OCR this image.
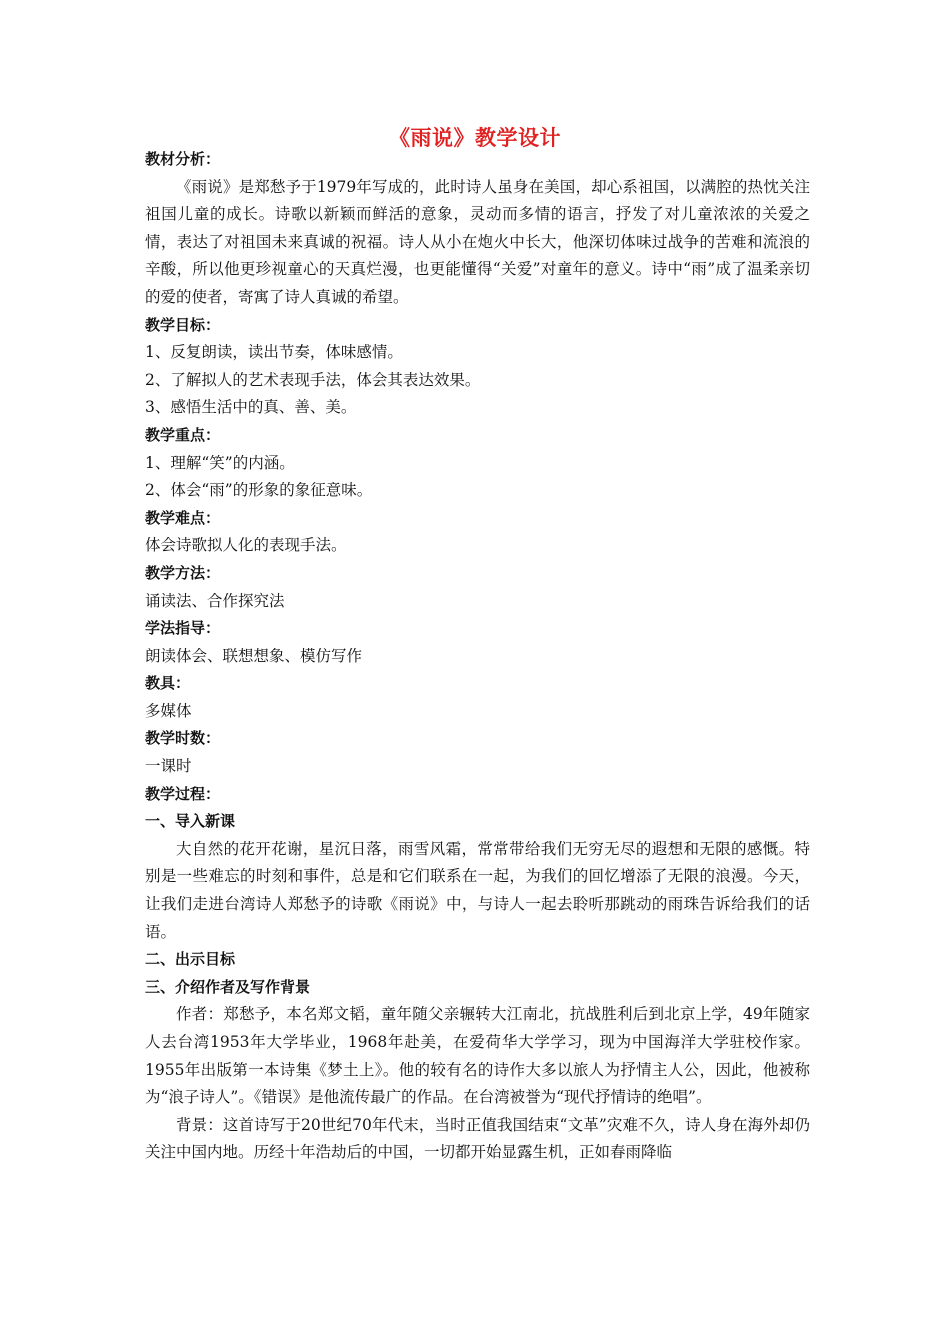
《雨说》教学设计
教材分析：
《雨说》是郑愁予于1979年写成的，此时诗人虽身在美国，却心系祖国，以满腔的热忱关注祖国儿童的成长。诗歌以新颖而鲜活的意象，灵动而多情的语言，抒发了对儿童浓浓的关爱之情，表达了对祖国未来真诚的祝福。诗人从小在炮火中长大，他深切体味过战争的苦难和流浪的辛酸，所以他更珍视童心的天真烂漫，也更能懂得“关爱”对童年的意义。诗中“雨”成了温柔亲切的爱的使者，寄寓了诗人真诚的希望。
教学目标：
1、反复朗读，读出节奏，体味感情。
2、了解拟人的艺术表现手法，体会其表达效果。
3、感悟生活中的真、善、美。
教学重点：
1、理解“笑”的内涵。
2、体会“雨”的形象的象征意味。
教学难点：
体会诗歌拟人化的表现手法。
教学方法：
诵读法、合作探究法
学法指导：
朗读体会、联想想象、模仿写作
教具：
多媒体
教学时数：
一课时
教学过程：
一、导入新课
大自然的花开花谢，星沉日落，雨雪风霜，常常带给我们无穷无尽的遐想和无限的感慨。特别是一些难忘的时刻和事件，总是和它们联系在一起，为我们的回忆增添了无限的浪漫。今天，让我们走进台湾诗人郑愁予的诗歌《雨说》中，与诗人一起去聆听那跳动的雨珠告诉给我们的话语。
二、出示目标
三、介绍作者及写作背景
作者：郑愁予，本名郑文韬，童年随父亲辗转大江南北，抗战胜利后到北京上学，49年随家人去台湾1953年大学毕业，1968年赴美，在爱荷华大学学习，现为中国海洋大学驻校作家。 1955年出版第一本诗集《梦土上》。他的较有名的诗作大多以旅人为抒情主人公，因此，他被称为“浪子诗人”。《错误》是他流传最广的作品。在台湾被誉为“现代抒情诗的绝唱”。
背景：这首诗写于20世纪70年代末，当时正值我国结束“文革”灾难不久，诗人身在海外却仍关注中国内地。历经十年浩劫后的中国，一切都开始显露生机，正如春雨降临
